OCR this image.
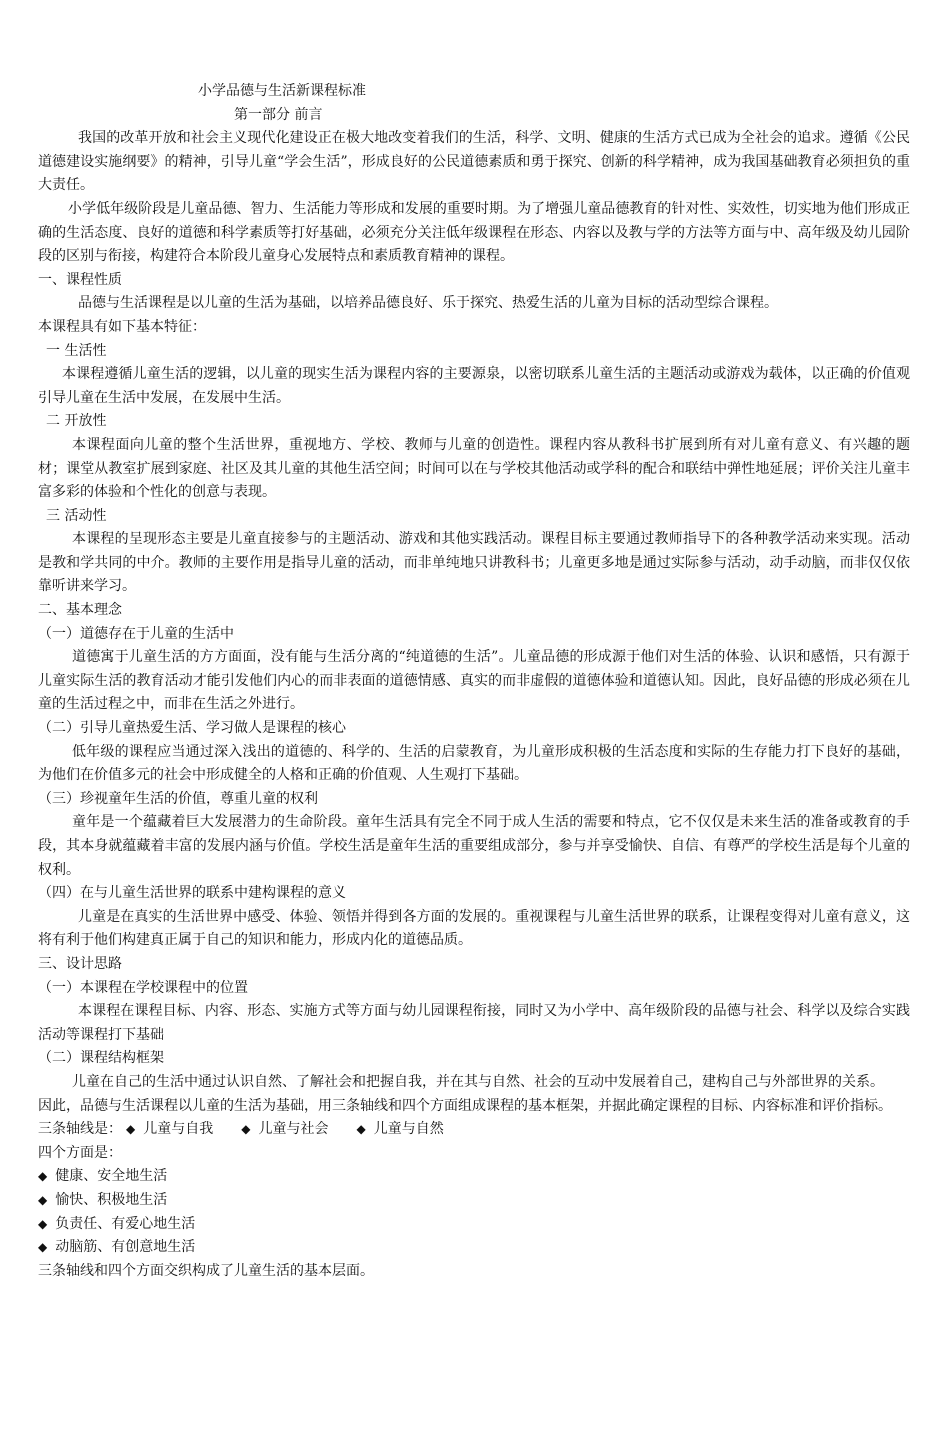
小学品德与生活新课程标准
第一部分 前言
我国的改革开放和社会主义现代化建设正在极大地改变着我们的生活，科学、文明、健康的生活方式已成为全社会的追求。遵循《公民道德建设实施纲要》的精神，引导儿童“学会生活”，形成良好的公民道德素质和勇于探究、创新的科学精神，成为我国基础教育必须担负的重大责任。
小学低年级阶段是儿童品德、智力、生活能力等形成和发展的重要时期。为了增强儿童品德教育的针对性、实效性，切实地为他们形成正确的生活态度、良好的道德和科学素质等打好基础，必须充分关注低年级课程在形态、内容以及教与学的方法等方面与中、高年级及幼儿园阶段的区别与衔接，构建符合本阶段儿童身心发展特点和素质教育精神的课程。
一、课程性质
品德与生活课程是以儿童的生活为基础，以培养品德良好、乐于探究、热爱生活的儿童为目标的活动型综合课程。
本课程具有如下基本特征：
一 生活性
本课程遵循儿童生活的逻辑，以儿童的现实生活为课程内容的主要源泉，以密切联系儿童生活的主题活动或游戏为载体，以正确的价值观引导儿童在生活中发展，在发展中生活。
二 开放性
本课程面向儿童的整个生活世界，重视地方、学校、教师与儿童的创造性。课程内容从教科书扩展到所有对儿童有意义、有兴趣的题材；课堂从教室扩展到家庭、社区及其儿童的其他生活空间；时间可以在与学校其他活动或学科的配合和联结中弹性地延展；评价关注儿童丰富多彩的体验和个性化的创意与表现。
三 活动性
本课程的呈现形态主要是儿童直接参与的主题活动、游戏和其他实践活动。课程目标主要通过教师指导下的各种教学活动来实现。活动是教和学共同的中介。教师的主要作用是指导儿童的活动，而非单纯地只讲教科书；儿童更多地是通过实际参与活动，动手动脑，而非仅仅依靠听讲来学习。
二、基本理念
（一）道德存在于儿童的生活中
道德寓于儿童生活的方方面面，没有能与生活分离的“纯道德的生活”。儿童品德的形成源于他们对生活的体验、认识和感悟，只有源于儿童实际生活的教育活动才能引发他们内心的而非表面的道德情感、真实的而非虚假的道德体验和道德认知。因此，良好品德的形成必须在儿童的生活过程之中，而非在生活之外进行。
（二）引导儿童热爱生活、学习做人是课程的核心
低年级的课程应当通过深入浅出的道德的、科学的、生活的启蒙教育，为儿童形成积极的生活态度和实际的生存能力打下良好的基础，为他们在价值多元的社会中形成健全的人格和正确的价值观、人生观打下基础。
（三）珍视童年生活的价值，尊重儿童的权利
童年是一个蕴藏着巨大发展潜力的生命阶段。童年生活具有完全不同于成人生活的需要和特点，它不仅仅是未来生活的准备或教育的手段，其本身就蕴藏着丰富的发展内涵与价值。学校生活是童年生活的重要组成部分，参与并享受愉快、自信、有尊严的学校生活是每个儿童的权利。
（四）在与儿童生活世界的联系中建构课程的意义
儿童是在真实的生活世界中感受、体验、领悟并得到各方面的发展的。重视课程与儿童生活世界的联系，让课程变得对儿童有意义，这将有利于他们构建真正属于自己的知识和能力，形成内化的道德品质。
三、设计思路
（一）本课程在学校课程中的位置
本课程在课程目标、内容、形态、实施方式等方面与幼儿园课程衔接，同时又为小学中、高年级阶段的品德与社会、科学以及综合实践活动等课程打下基础
（二）课程结构框架
儿童在自己的生活中通过认识自然、了解社会和把握自我，并在其与自然、社会的互动中发展着自己，建构自己与外部世界的关系。
因此，品德与生活课程以儿童的生活为基础，用三条轴线和四个方面组成课程的基本框架，并据此确定课程的目标、内容标准和评价指标。
三条轴线是： ◆ 儿童与自我 ◆ 儿童与社会 ◆ 儿童与自然
四个方面是：
◆ 健康、安全地生活
◆ 愉快、积极地生活
◆ 负责任、有爱心地生活
◆ 动脑筋、有创意地生活
三条轴线和四个方面交织构成了儿童生活的基本层面。
